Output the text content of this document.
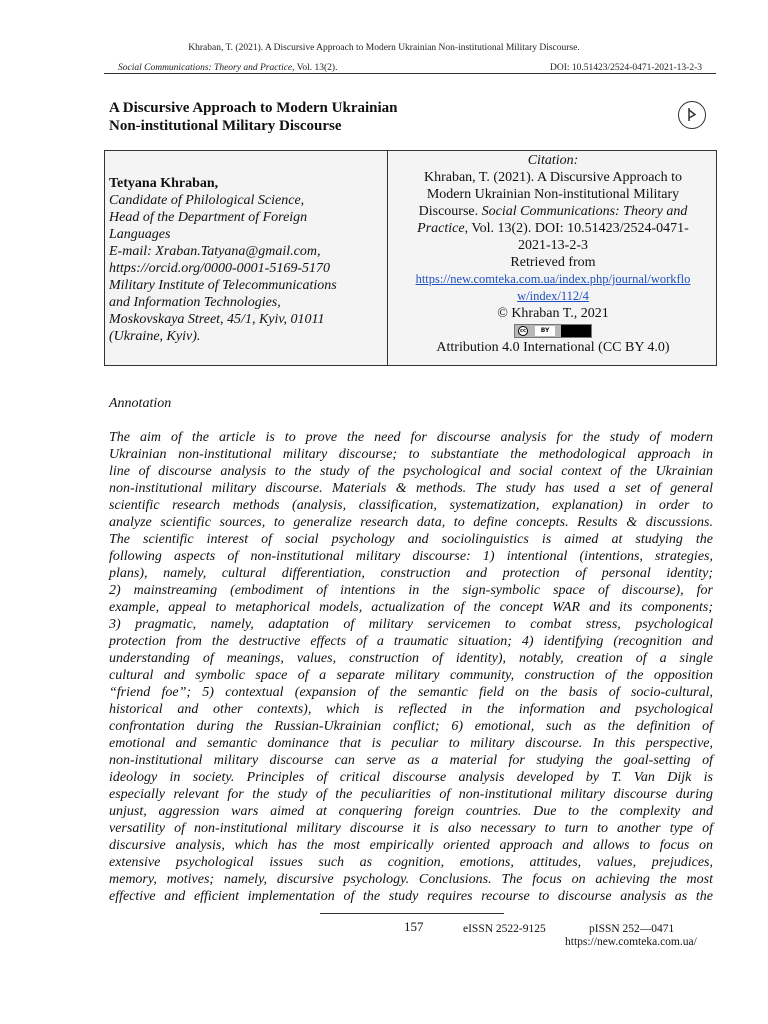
Khraban, T. (2021). A Discursive Approach to Modern Ukrainian Non-institutional Military Discourse.
Social Communications: Theory and Practice, Vol. 13(2).	DOI: 10.51423/2524-0471-2021-13-2-3
A Discursive Approach to Modern Ukrainian
Non-institutional Military Discourse
Tetyana Khraban,
Candidate of Philological Science,
Head of the Department of Foreign
Languages
E-mail: Xraban.Tatyana@gmail.com,
https://orcid.org/0000-0001-5169-5170
Military Institute of Telecommunications
and Information Technologies,
Moskovskaya Street, 45/1, Kyiv, 01011
(Ukraine, Kyiv).
Citation:
Khraban, T. (2021). A Discursive Approach to
Modern Ukrainian Non-institutional Military
Discourse. Social Communications: Theory and
Practice, Vol. 13(2). DOI: 10.51423/2524-0471-
2021-13-2-3
Retrieved from
https://new.comteka.com.ua/index.php/journal/workflo
w/index/112/4
© Khraban T., 2021
cc	BY
Attribution 4.0 International (CC BY 4.0)
Annotation
The aim of the article is to prove the need for discourse analysis for the study of modern
Ukrainian non-institutional military discourse; to substantiate the methodological approach in
line of discourse analysis to the study of the psychological and social context of the Ukrainian
non-institutional military discourse. Materials & methods. The study has used a set of general
scientific research methods (analysis, classification, systematization, explanation) in order to
analyze scientific sources, to generalize research data, to define concepts. Results & discussions.
The scientific interest of social psychology and sociolinguistics is aimed at studying the
following aspects of non-institutional military discourse: 1) intentional (intentions, strategies,
plans), namely, cultural differentiation, construction and protection of personal identity;
2) mainstreaming (embodiment of intentions in the sign-symbolic space of discourse), for
example, appeal to metaphorical models, actualization of the concept WAR and its components;
3) pragmatic, namely, adaptation of military servicemen to combat stress, psychological
protection from the destructive effects of a traumatic situation; 4) identifying (recognition and
understanding of meanings, values, construction of identity), notably, creation of a single
cultural and symbolic space of a separate military community, construction of the opposition
“friend foe”; 5) contextual (expansion of the semantic field on the basis of socio-cultural,
historical and other contexts), which is reflected in the information and psychological
confrontation during the Russian-Ukrainian conflict; 6) emotional, such as the definition of
emotional and semantic dominance that is peculiar to military discourse. In this perspective,
non-institutional military discourse can serve as a material for studying the goal-setting of
ideology in society. Principles of critical discourse analysis developed by T. Van Dijk is
especially relevant for the study of the peculiarities of non-institutional military discourse during
unjust, aggression wars aimed at conquering foreign countries. Due to the complexity and
versatility of non-institutional military discourse it is also necessary to turn to another type of
discursive analysis, which has the most empirically oriented approach and allows to focus on
extensive psychological issues such as cognition, emotions, attitudes, values, prejudices,
memory, motives; namely, discursive psychology. Conclusions. The focus on achieving the most
effective and efficient implementation of the study requires recourse to discourse analysis as the
157	eISSN 2522-9125	pISSN 252—0471
https://new.comteka.com.ua/
